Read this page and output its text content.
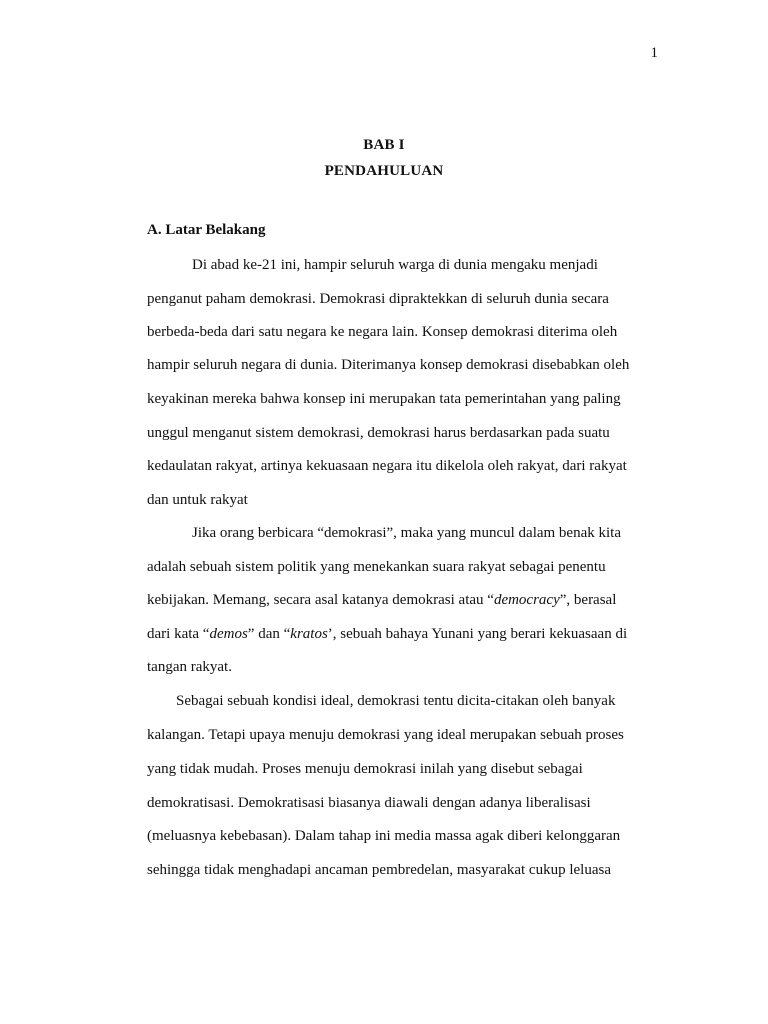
1
BAB I
PENDAHULUAN
A. Latar Belakang
Di abad ke-21 ini, hampir seluruh warga di dunia mengaku menjadi
penganut paham demokrasi. Demokrasi dipraktekkan di seluruh dunia secara
berbeda-beda dari satu negara ke negara lain. Konsep demokrasi diterima oleh
hampir seluruh negara di dunia. Diterimanya konsep demokrasi disebabkan oleh
keyakinan mereka bahwa konsep ini merupakan tata pemerintahan yang paling
unggul menganut sistem demokrasi, demokrasi harus berdasarkan pada suatu
kedaulatan rakyat, artinya kekuasaan negara itu dikelola oleh rakyat, dari rakyat
dan untuk rakyat
Jika orang berbicara “demokrasi”, maka yang muncul dalam benak kita
adalah sebuah sistem politik yang menekankan suara rakyat sebagai penentu
kebijakan. Memang, secara asal katanya demokrasi atau “democracy”, berasal
dari kata “demos” dan “kratos’, sebuah bahaya Yunani yang berari kekuasaan di
tangan rakyat.
Sebagai sebuah kondisi ideal, demokrasi tentu dicita-citakan oleh banyak
kalangan. Tetapi upaya menuju demokrasi yang ideal merupakan sebuah proses
yang tidak mudah. Proses menuju demokrasi inilah yang disebut sebagai
demokratisasi. Demokratisasi biasanya diawali dengan adanya liberalisasi
(meluasnya kebebasan). Dalam tahap ini media massa agak diberi kelonggaran
sehingga tidak menghadapi ancaman pembredelan, masyarakat cukup leluasa
